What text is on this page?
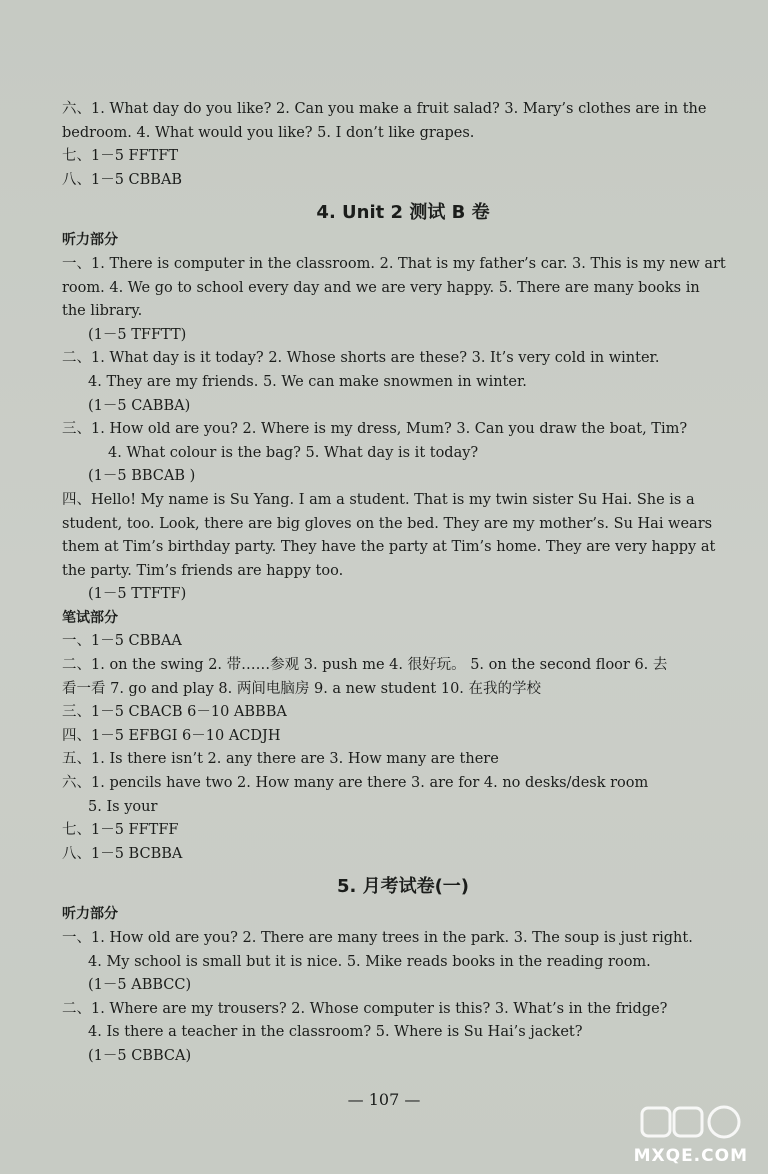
六、1. What day do you like? 2. Can you make a fruit salad? 3. Mary’s clothes are in the
bedroom. 4. What would you like? 5. I don’t like grapes.
七、1－5 FFTFT
八、1－5 CBBAB
4. Unit 2 测试 B 卷
听力部分
一、1. There is computer in the classroom. 2. That is my father’s car. 3. This is my new art
room. 4. We go to school every day and we are very happy. 5. There are many books in
the library.
(1－5 TFFTT)
二、1. What day is it today? 2. Whose shorts are these? 3. It’s very cold in winter.
4. They are my friends. 5. We can make snowmen in winter.
(1－5 CABBA)
三、1. How old are you? 2. Where is my dress, Mum? 3. Can you draw the boat, Tim?
4. What colour is the bag? 5. What day is it today?
(1－5 BBCAB )
四、Hello! My name is Su Yang. I am a student. That is my twin sister Su Hai. She is a
student, too. Look, there are big gloves on the bed. They are my mother’s. Su Hai wears
them at Tim’s birthday party. They have the party at Tim’s home. They are very happy at
the party. Tim’s friends are happy too.
(1－5 TTFTF)
笔试部分
一、1－5 CBBAA
二、1. on the swing 2. 带……参观 3. push me 4. 很好玩。 5. on the second floor 6. 去
看一看 7. go and play 8. 两间电脑房 9. a new student 10. 在我的学校
三、1－5 CBACB 6－10 ABBBA
四、1－5 EFBGI 6－10 ACDJH
五、1. Is there isn’t 2. any there are 3. How many are there
六、1. pencils have two 2. How many are there 3. are for 4. no desks/desk room
5. Is your
七、1－5 FFTFF
八、1－5 BCBBA
5. 月考试卷(一)
听力部分
一、1. How old are you? 2. There are many trees in the park. 3. The soup is just right.
4. My school is small but it is nice. 5. Mike reads books in the reading room.
(1－5 ABBCC)
二、1. Where are my trousers? 2. Whose computer is this? 3. What’s in the fridge?
4. Is there a teacher in the classroom? 5. Where is Su Hai’s jacket?
(1－5 CBBCA)
— 107 —
MXQE.COM
